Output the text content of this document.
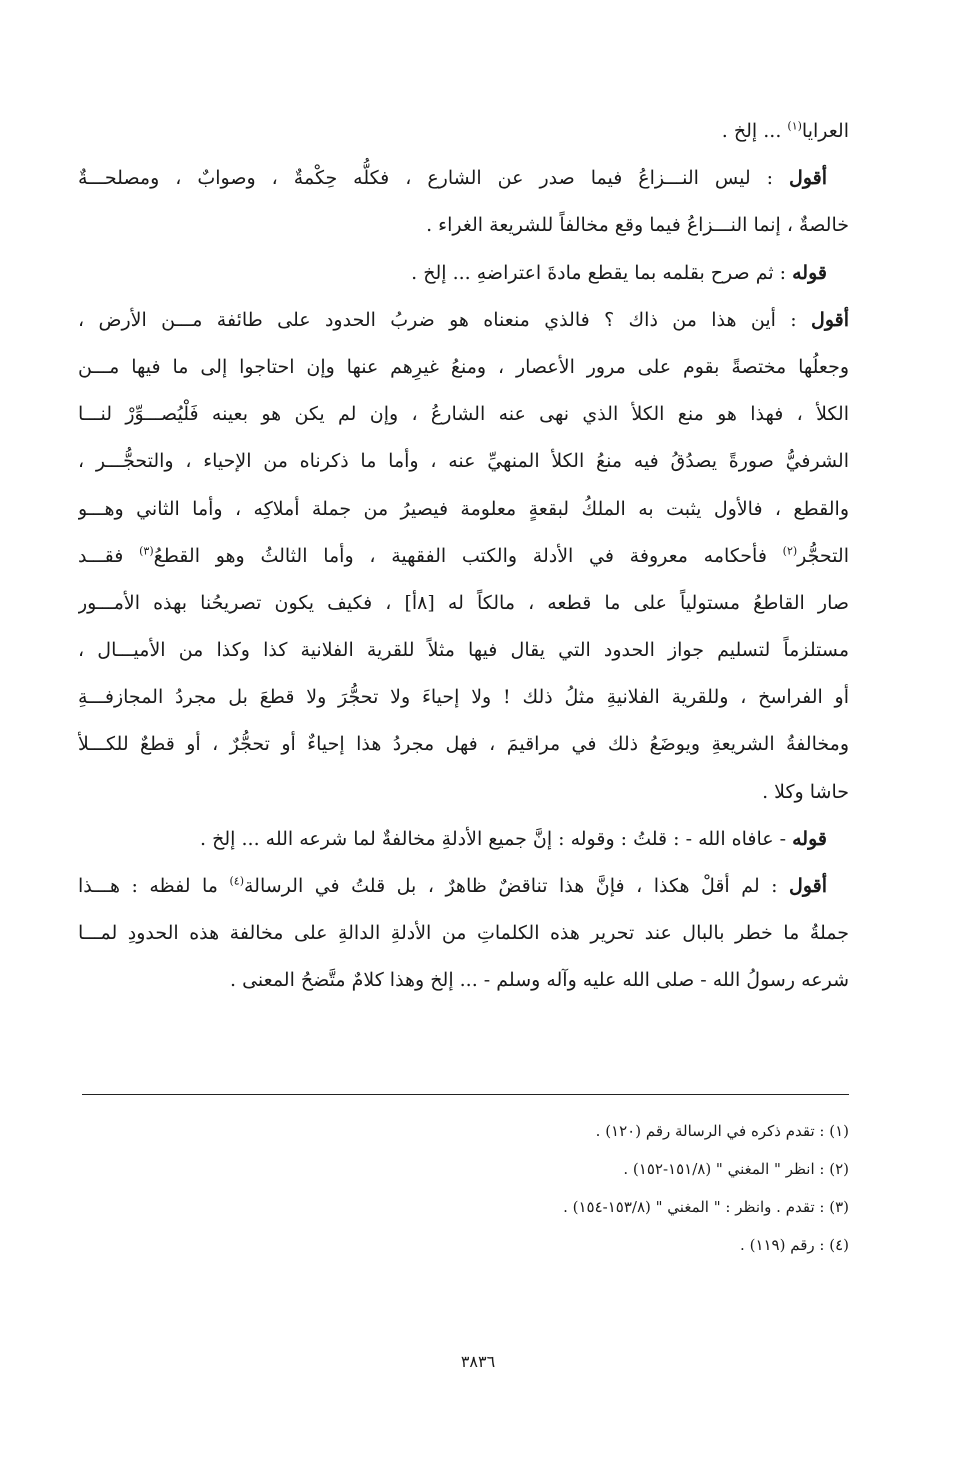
العرايا$^{(١)}$ ... إلخ .
أقول : ليس النـــزاعُ فيما صدر عن الشارع ، فكلُّه حِكْمةٌ ، وصوابٌ ، ومصلحـــةٌ
خالصةٌ ، إنما النـــزاعُ فيما وقع مخالفاً للشريعة الغراء .
قوله : ثم صرح بقلمه بما يقطع مادةَ اعتراضهِ ... إلخ .
أقول : أين هذا من ذاك ؟ فالذي منعناه هو ضربُ الحدود على طائفة مـــن الأرض ،
وجعلُها مختصةً بقوم على مرور الأعصار ، ومنعُ غيرِهم عنها وإن احتاجوا إلى ما فيها مـــن
الكلأ ، فهذا هو منع الكلأ الذي نهى عنه الشارعُ ، وإن لم يكن هو بعينه فَلْيُصـــوِّرْ لنـــا
الشرفيُّ صورةً يصدُقُ فيه منعُ الكلأ المنهيِّ عنه ، وأما ما ذكرناه من الإحياء ، والتحجُّـــر ،
والقطع ، فالأول يثبت به الملكُ لبقعةٍ معلومة فيصيرُ من جملة أملاكِه ، وأما الثاني وهـــو
التحجُّر$^{(٢)}$ فأحكامه معروفة في الأدلة والكتب الفقهية ، وأما الثالثُ وهو القطعُ$^{(٣)}$ فقـــد
صار القاطعُ مستولياً على ما قطعه ، مالكاً له [٨أ] ، فكيف يكون تصريحُنا بهذه الأمـــور
مستلزماً لتسليم جواز الحدود التي يقال فيها مثلاً للقرية الفلانية كذا وكذا من الأميـــال ،
أو الفراسخ ، وللقرية الفلانيةِ مثلُ ذلك ! ولا إحياءَ ولا تحجُّرَ ولا قطعَ بل مجردُ المجازفـــةِ
ومخالفةُ الشريعةِ ويوضَعُ ذلك في مراقيمَ ، فهل مجردُ هذا إحياءٌ أو تحجُّرٌ ، أو قطعٌ للكـــلأ
حاشا وكلا .
قوله - عافاه الله - : قلتُ : وقوله : إنَّ جميع الأدلةِ مخالفةٌ لما شرعه الله ... إلخ .
أقول : لم أقلْ هكذا ، فإنَّ هذا تناقضٌ ظاهرٌ ، بل قلتُ في الرسالة$^{(٤)}$ ما لفظه : هـــذا
جملةُ ما خطر بالبال عند تحرير هذه الكلماتِ من الأدلةِ الدالةِ على مخالفة هذه الحدودِ لمـــا
شرعه رسولُ الله - صلى الله عليه وآله وسلم - ... إلخ وهذا كلامٌ متَّضحُ المعنى .
(١) : تقدم ذكره في الرسالة رقم (١٢٠) .
(٢) : انظر " المغني " (١٥١/٨-١٥٢) .
(٣) : تقدم . وانظر : " المغني " (١٥٣/٨-١٥٤) .
(٤) : رقم (١١٩) .
٣٨٣٦
